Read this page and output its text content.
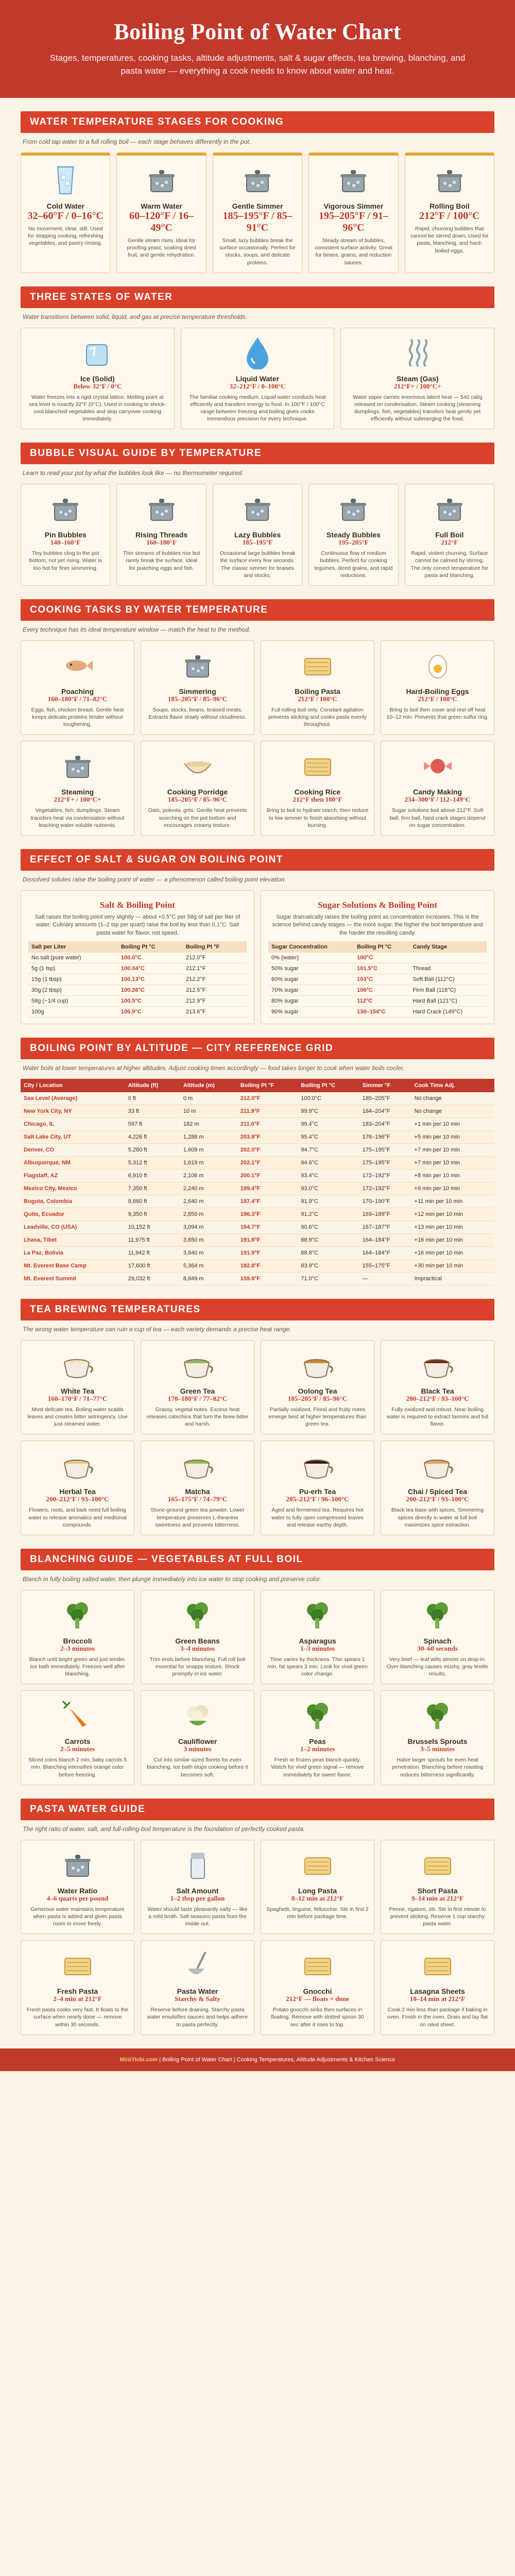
Boiling Point of Water Chart

Stages, temperatures, cooking tasks, altitude adjustments, salt & sugar effects, tea brewing, blanching, and pasta water — everything a cook needs to know about water and heat.

WATER TEMPERATURE STAGES FOR COOKING
From cold tap water to a full rolling boil — each stage behaves differently in the pot.
Cold Water
32–60°F / 0–16°C
No movement, clear, still. Used for stopping cooking, refreshing vegetables, and pastry rinsing.
Warm Water
60–120°F / 16–49°C
Gentle steam rises. Ideal for proofing yeast, soaking dried fruit, and gentle rehydration.
Gentle Simmer
185–195°F / 85–91°C
Small, lazy bubbles break the surface occasionally. Perfect for stocks, soups, and delicate proteins.
Vigorous Simmer
195–205°F / 91–96°C
Steady stream of bubbles, consistent surface activity. Great for beans, grains, and reduction sauces.
Rolling Boil
212°F / 100°C
Rapid, churning bubbles that cannot be stirred down. Used for pasta, blanching, and hard-boiled eggs.
THREE STATES OF WATER
Water transitions between solid, liquid, and gas at precise temperature thresholds.
Ice (Solid)
Below 32°F / 0°C
Water freezes into a rigid crystal lattice. Melting point at sea level is exactly 32°F (0°C). Used in cooking to shock-cool blanched vegetables and stop carryover cooking immediately.
Liquid Water
32–212°F / 0–100°C
The familiar cooking medium. Liquid water conducts heat efficiently and transfers energy to food. In 100°F / 100°C range between freezing and boiling gives cooks tremendous precision for every technique.
Steam (Gas)
212°F+ / 100°C+
Water vapor carries enormous latent heat — 540 cal/g released on condensation. Steam cooking (steaming dumplings, fish, vegetables) transfers heat gently yet efficiently without submerging the food.
BUBBLE VISUAL GUIDE BY TEMPERATURE
Learn to read your pot by what the bubbles look like — no thermometer required.
Pin Bubbles
140–160°F
Tiny bubbles cling to the pot bottom, not yet rising. Water is too hot for finer simmering.
Rising Threads
160–180°F
Thin streams of bubbles rise but rarely break the surface. Ideal for poaching eggs and fish.
Lazy Bubbles
185–195°F
Occasional large bubbles break the surface every few seconds. The classic simmer for braises and stocks.
Steady Bubbles
195–205°F
Continuous flow of medium bubbles. Perfect for cooking legumes, diced grains, and rapid reductions.
Full Boil
212°F
Rapid, violent churning. Surface cannot be calmed by stirring. The only correct temperature for pasta and blanching.
COOKING TASKS BY WATER TEMPERATURE
Every technique has its ideal temperature window — match the heat to the method.
Poaching
160–180°F / 71–82°C
Eggs, fish, chicken breast. Gentle heat keeps delicate proteins tender without toughening.
Simmering
185–205°F / 85–96°C
Soups, stocks, beans, braised meats. Extracts flavor slowly without cloudiness.
Boiling Pasta
212°F / 100°C
Full rolling boil only. Constant agitation prevents sticking and cooks pasta evenly throughout.
Hard-Boiling Eggs
212°F / 100°C
Bring to boil then cover and rest off heat 10–12 min. Prevents that green sulfur ring.
Steaming
212°F+ / 100°C+
Vegetables, fish, dumplings. Steam transfers heat via condensation without leaching water-soluble nutrients.
Cooking Porridge
185–205°F / 85–96°C
Oats, polenta, grits. Gentle heat prevents scorching on the pot bottom and encourages creamy texture.
Cooking Rice
212°F then 180°F
Bring to boil to hydrate starch, then reduce to low simmer to finish absorbing without burning.
Candy Making
234–300°F / 112–149°C
Sugar solutions boil above 212°F. Soft ball, firm ball, hard crack stages depend on sugar concentration.
EFFECT OF SALT & SUGAR ON BOILING POINT
Dissolved solutes raise the boiling point of water — a phenomenon called boiling point elevation.
Salt & Boiling Point

Salt raises the boiling point very slightly — about +0.5°C per 58g of salt per liter of water. Culinary amounts (1–2 tsp per quart) raise the boil by less than 0.1°C. Salt pasta water for flavor, not speed.

Salt per Liter	Boiling Pt °C	Boiling Pt °F
No salt (pure water)	100.0°C	212.0°F
5g (1 tsp)	100.04°C	212.1°F
15g (1 tbsp)	100.13°C	212.2°F
30g (2 tbsp)	100.26°C	212.5°F
58g (~1/4 cup)	100.5°C	212.9°F
100g	100.9°C	213.6°F
Sugar Solutions & Boiling Point

Sugar dramatically raises the boiling point as concentration increases. This is the science behind candy stages — the more sugar, the higher the boil temperature and the harder the resulting candy.

Sugar Concentration	Boiling Pt °C	Candy Stage
0% (water)	100°C	
50% sugar	101.5°C	Thread
60% sugar	103°C	Soft Ball (112°C)
70% sugar	106°C	Firm Ball (118°C)
80% sugar	112°C	Hard Ball (121°C)
90% sugar	130–154°C	Hard Crack (149°C)
BOILING POINT BY ALTITUDE — CITY REFERENCE GRID
Water boils at lower temperatures at higher altitudes. Adjust cooking times accordingly — food takes longer to cook when water boils cooler.
City / Location	Altitude (ft)	Altitude (m)	Boiling Pt °F	Boiling Pt °C	Simmer °F	Cook Time Adj.
Sea Level (Average)	0 ft	0 m	212.0°F	100.0°C	185–205°F	No change
New York City, NY	33 ft	10 m	211.9°F	99.9°C	184–204°F	No change
Chicago, IL	597 ft	182 m	211.0°F	99.4°C	183–204°F	+1 min per 10 min
Salt Lake City, UT	4,226 ft	1,288 m	203.8°F	95.4°C	176–196°F	+5 min per 10 min
Denver, CO	5,280 ft	1,609 m	202.0°F	94.7°C	175–195°F	+7 min per 10 min
Albuquerque, NM	5,312 ft	1,619 m	202.1°F	94.6°C	175–195°F	+7 min per 10 min
Flagstaff, AZ	6,910 ft	2,106 m	200.1°F	93.4°C	172–192°F	+8 min per 10 min
Mexico City, Mexico	7,350 ft	2,240 m	199.4°F	93.0°C	172–192°F	+9 min per 10 min
Bogota, Colombia	8,660 ft	2,640 m	197.4°F	91.9°C	170–190°F	+11 min per 10 min
Quito, Ecuador	9,350 ft	2,850 m	196.3°F	91.2°C	169–189°F	+12 min per 10 min
Leadville, CO (USA)	10,152 ft	3,094 m	194.7°F	90.6°C	167–187°F	+13 min per 10 min
Lhasa, Tibet	11,975 ft	3,650 m	191.8°F	88.9°C	164–184°F	+16 min per 10 min
La Paz, Bolivia	11,942 ft	3,640 m	191.9°F	88.8°C	164–184°F	+16 min per 10 min
Mt. Everest Base Camp	17,600 ft	5,364 m	182.8°F	83.9°C	155–175°F	+30 min per 10 min
Mt. Everest Summit	29,032 ft	8,849 m	159.8°F	71.0°C	—	Impractical
TEA BREWING TEMPERATURES
The wrong water temperature can ruin a cup of tea — each variety demands a precise heat range.
White Tea
160–170°F / 71–77°C
Most delicate tea. Boiling water scalds leaves and creates bitter astringency. Use just-steamed water.
Green Tea
170–180°F / 77–82°C
Grassy, vegetal notes. Excess heat releases catechins that turn the brew bitter and harsh.
Oolong Tea
185–205°F / 85–96°C
Partially oxidized. Floral and fruity notes emerge best at higher temperatures than green tea.
Black Tea
200–212°F / 93–100°C
Fully oxidized and robust. Near-boiling water is required to extract tannins and full flavor.
Herbal Tea
200–212°F / 93–100°C
Flowers, roots, and bark need full boiling water to release aromatics and medicinal compounds.
Matcha
165–175°F / 74–79°C
Stone-ground green tea powder. Lower temperature preserves L-theanine sweetness and prevents bitterness.
Pu-erh Tea
205–212°F / 96–100°C
Aged and fermented tea. Requires hot water to fully open compressed leaves and release earthy depth.
Chai / Spiced Tea
200–212°F / 93–100°C
Black tea base with spices. Simmering spices directly in water at full boil maximizes spice extraction.
BLANCHING GUIDE — VEGETABLES AT FULL BOIL
Blanch in fully boiling salted water, then plunge immediately into ice water to stop cooking and preserve color.
Broccoli
2–3 minutes
Blanch until bright green and just tender. Ice bath immediately. Freezes well after blanching.
Green Beans
3–4 minutes
Trim ends before blanching. Full roll boil essential for snappy texture. Shock promptly in ice water.
Asparagus
1–3 minutes
Time varies by thickness. Thin spears 1 min, fat spears 3 min. Look for vivid green color change.
Spinach
30–60 seconds
Very brief — leaf wilts almost on drop-in. Over-blanching causes mushy, gray textile results.
Carrots
2–5 minutes
Sliced coins blanch 2 min; baby carrots 5 min. Blanching intensifies orange color before freezing.
Cauliflower
3 minutes
Cut into similar-sized florets for even blanching. Ice bath stops cooking before it becomes soft.
Peas
1–2 minutes
Fresh or frozen peas blanch quickly. Watch for vivid green signal — remove immediately for sweet flavor.
Brussels Sprouts
3–5 minutes
Halve larger sprouts for even heat penetration. Blanching before roasting reduces bitterness significantly.
PASTA WATER GUIDE
The right ratio of water, salt, and full-rolling-boil temperature is the foundation of perfectly cooked pasta.
Water Ratio
4–6 quarts per pound
Generous water maintains temperature when pasta is added and gives pasta room to move freely.
Salt Amount
1–2 tbsp per gallon
Water should taste pleasantly salty — like a mild broth. Salt seasons pasta from the inside out.
Long Pasta
8–12 min at 212°F
Spaghetti, linguine, fettuccine. Stir in first 2 min before package time.
Short Pasta
9–14 min at 212°F
Penne, rigatoni, ziti. Stir in first minute to prevent sticking. Reserve 1 cup starchy pasta water.
Fresh Pasta
2–4 min at 212°F
Fresh pasta cooks very fast. It floats to the surface when nearly done — remove within 30 seconds.
Pasta Water
Starchy & Salty
Reserve before draining. Starchy pasta water emulsifies sauces and helps adhere to pasta perfectly.
Gnocchi
212°F — floats = done
Potato gnocchi sinks then surfaces in floating. Remove with slotted spoon 30 sec after it rises to top.
Lasagna Sheets
10–14 min at 212°F
Cook 2 min less than package if baking in oven. Finish in the oven. Drain and lay flat on oiled sheet.
MiniYicbi.com | Boiling Point of Water Chart | Cooking Temperatures, Altitude Adjustments & Kitchen Science
